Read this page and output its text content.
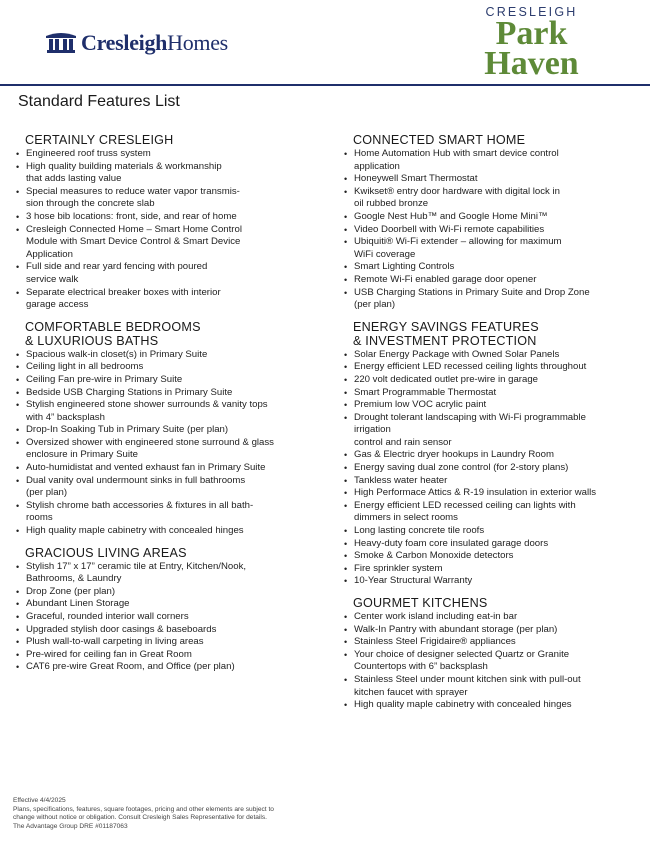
CresleighHomes
CRESLEIGH
Park
Haven
Standard Features List
CERTAINLY CRESLEIGH
• Engineered roof truss system
• High quality building materials & workmanship
that adds lasting value
• Special measures to reduce water vapor transmis-
sion through the concrete slab
• 3 hose bib locations: front, side, and rear of home
• Cresleigh Connected Home – Smart Home Control
Module with Smart Device Control & Smart Device
Application
• Full side and rear yard fencing with poured
service walk
• Separate electrical breaker boxes with interior
garage access
COMFORTABLE BEDROOMS
& LUXURIOUS BATHS
• Spacious walk-in closet(s) in Primary Suite
• Ceiling light in all bedrooms
• Ceiling Fan pre-wire in Primary Suite
• Bedside USB Charging Stations in Primary Suite
• Stylish engineered stone shower surrounds & vanity tops
with 4” backsplash
• Drop-In Soaking Tub in Primary Suite (per plan)
• Oversized shower with engineered stone surround & glass
enclosure in Primary Suite
• Auto-humidistat and vented exhaust fan in Primary Suite
• Dual vanity oval undermount sinks in full bathrooms
(per plan)
• Stylish chrome bath accessories & fixtures in all bath-
rooms
• High quality maple cabinetry with concealed hinges
GRACIOUS LIVING AREAS
• Stylish 17” x 17” ceramic tile at Entry, Kitchen/Nook,
Bathrooms, & Laundry
• Drop Zone (per plan)
• Abundant Linen Storage
• Graceful, rounded interior wall corners
• Upgraded stylish door casings & baseboards
• Plush wall-to-wall carpeting in living areas
• Pre-wired for ceiling fan in Great Room
• CAT6 pre-wire Great Room, and Office (per plan)
CONNECTED SMART HOME
• Home Automation Hub with smart device control
application
• Honeywell Smart Thermostat
• Kwikset® entry door hardware with digital lock in
oil rubbed bronze
• Google Nest Hub™ and Google Home Mini™
• Video Doorbell with Wi-Fi remote capabilities
• Ubiquiti® Wi-Fi extender – allowing for maximum
WiFi coverage
• Smart Lighting Controls
• Remote Wi-Fi enabled garage door opener
• USB Charging Stations in Primary Suite and Drop Zone
(per plan)
ENERGY SAVINGS FEATURES
& INVESTMENT PROTECTION
• Solar Energy Package with Owned Solar Panels
• Energy efficient LED recessed ceiling lights throughout
• 220 volt dedicated outlet pre-wire in garage
• Smart Programmable Thermostat
• Premium low VOC acrylic paint
• Drought tolerant landscaping with Wi-Fi programmable
irrigation
control and rain sensor
• Gas & Electric dryer hookups in Laundry Room
• Energy saving dual zone control (for 2-story plans)
• Tankless water heater
• High Performace Attics & R-19 insulation in exterior walls
• Energy efficient LED recessed ceiling can lights with
dimmers in select rooms
• Long lasting concrete tile roofs
• Heavy-duty foam core insulated garage doors
• Smoke & Carbon Monoxide detectors
• Fire sprinkler system
• 10-Year Structural Warranty
GOURMET KITCHENS
• Center work island including eat-in bar
• Walk-In Pantry with abundant storage (per plan)
• Stainless Steel Frigidaire® appliances
• Your choice of designer selected Quartz or Granite
Countertops with 6” backsplash
• Stainless Steel under mount kitchen sink with pull-out
kitchen faucet with sprayer
• High quality maple cabinetry with concealed hinges
Effective 4/4/2025
Plans, specifications, features, square footages, pricing and other elements are subject to
change without notice or obligation. Consult Cresleigh Sales Representative for details.
The Advantage Group DRE #01187063
